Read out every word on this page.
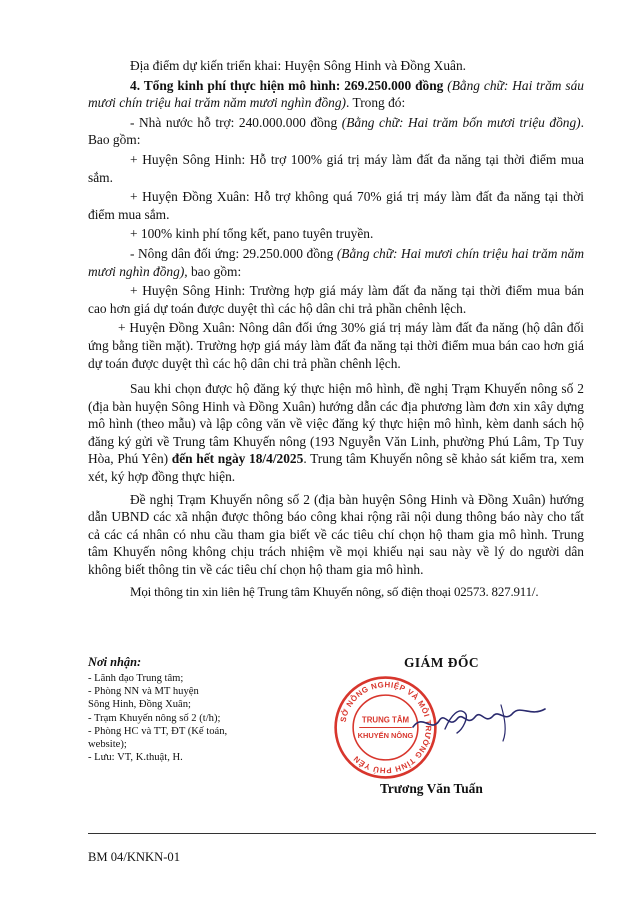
Địa điểm dự kiến triển khai: Huyện Sông Hinh và Đồng Xuân.

4. Tổng kinh phí thực hiện mô hình: 269.250.000 đồng (Bằng chữ: Hai trăm sáu mươi chín triệu hai trăm năm mươi nghìn đồng). Trong đó:

- Nhà nước hỗ trợ: 240.000.000 đồng (Bằng chữ: Hai trăm bốn mươi triệu đồng). Bao gồm:

+ Huyện Sông Hinh: Hỗ trợ 100% giá trị máy làm đất đa năng tại thời điểm mua sắm.

+ Huyện Đồng Xuân: Hỗ trợ không quá 70% giá trị máy làm đất đa năng tại thời điểm mua sắm.

+ 100% kinh phí tổng kết, pano tuyên truyền.

- Nông dân đối ứng: 29.250.000 đồng (Bằng chữ: Hai mươi chín triệu hai trăm năm mươi nghìn đồng), bao gồm:

+ Huyện Sông Hinh: Trường hợp giá máy làm đất đa năng tại thời điểm mua bán cao hơn giá dự toán được duyệt thì các hộ dân chi trả phần chênh lệch.

+ Huyện Đồng Xuân: Nông dân đối ứng 30% giá trị máy làm đất đa năng (hộ dân đối ứng bằng tiền mặt). Trường hợp giá máy làm đất đa năng tại thời điểm mua bán cao hơn giá dự toán được duyệt thì các hộ dân chi trả phần chênh lệch.

Sau khi chọn được hộ đăng ký thực hiện mô hình, đề nghị Trạm Khuyến nông số 2 (địa bàn huyện Sông Hinh và Đồng Xuân) hướng dẫn các địa phương làm đơn xin xây dựng mô hình (theo mẫu) và lập công văn về việc đăng ký thực hiện mô hình, kèm danh sách hộ đăng ký gửi về Trung tâm Khuyến nông (193 Nguyễn Văn Linh, phường Phú Lâm, Tp Tuy Hòa, Phú Yên) đến hết ngày 18/4/2025. Trung tâm Khuyến nông sẽ khảo sát kiểm tra, xem xét, ký hợp đồng thực hiện.

Đề nghị Trạm Khuyến nông số 2 (địa bàn huyện Sông Hinh và Đồng Xuân) hướng dẫn UBND các xã nhận được thông báo công khai rộng rãi nội dung thông báo này cho tất cả các cá nhân có nhu cầu tham gia biết về các tiêu chí chọn hộ tham gia mô hình. Trung tâm Khuyến nông không chịu trách nhiệm về mọi khiếu nại sau này về lý do người dân không biết thông tin về các tiêu chí chọn hộ tham gia mô hình.

Mọi thông tin xin liên hệ Trung tâm Khuyến nông, số điện thoại 02573. 827.911/.

Nơi nhận:
- Lãnh đạo Trung tâm;
- Phòng NN và MT huyện
Sông Hinh, Đồng Xuân;
- Trạm Khuyến nông số 2 (t/h);
- Phòng HC và TT, ĐT (Kế toán,
website);
- Lưu: VT, K.thuật, H.
GIÁM ĐỐC
SỞ NÔNG NGHIỆP VÀ MÔI TRƯỜNG TỈNH PHÚ YÊN
TRUNG TÂM
KHUYẾN NÔNG
Trương Văn Tuấn
BM 04/KNKN-01
